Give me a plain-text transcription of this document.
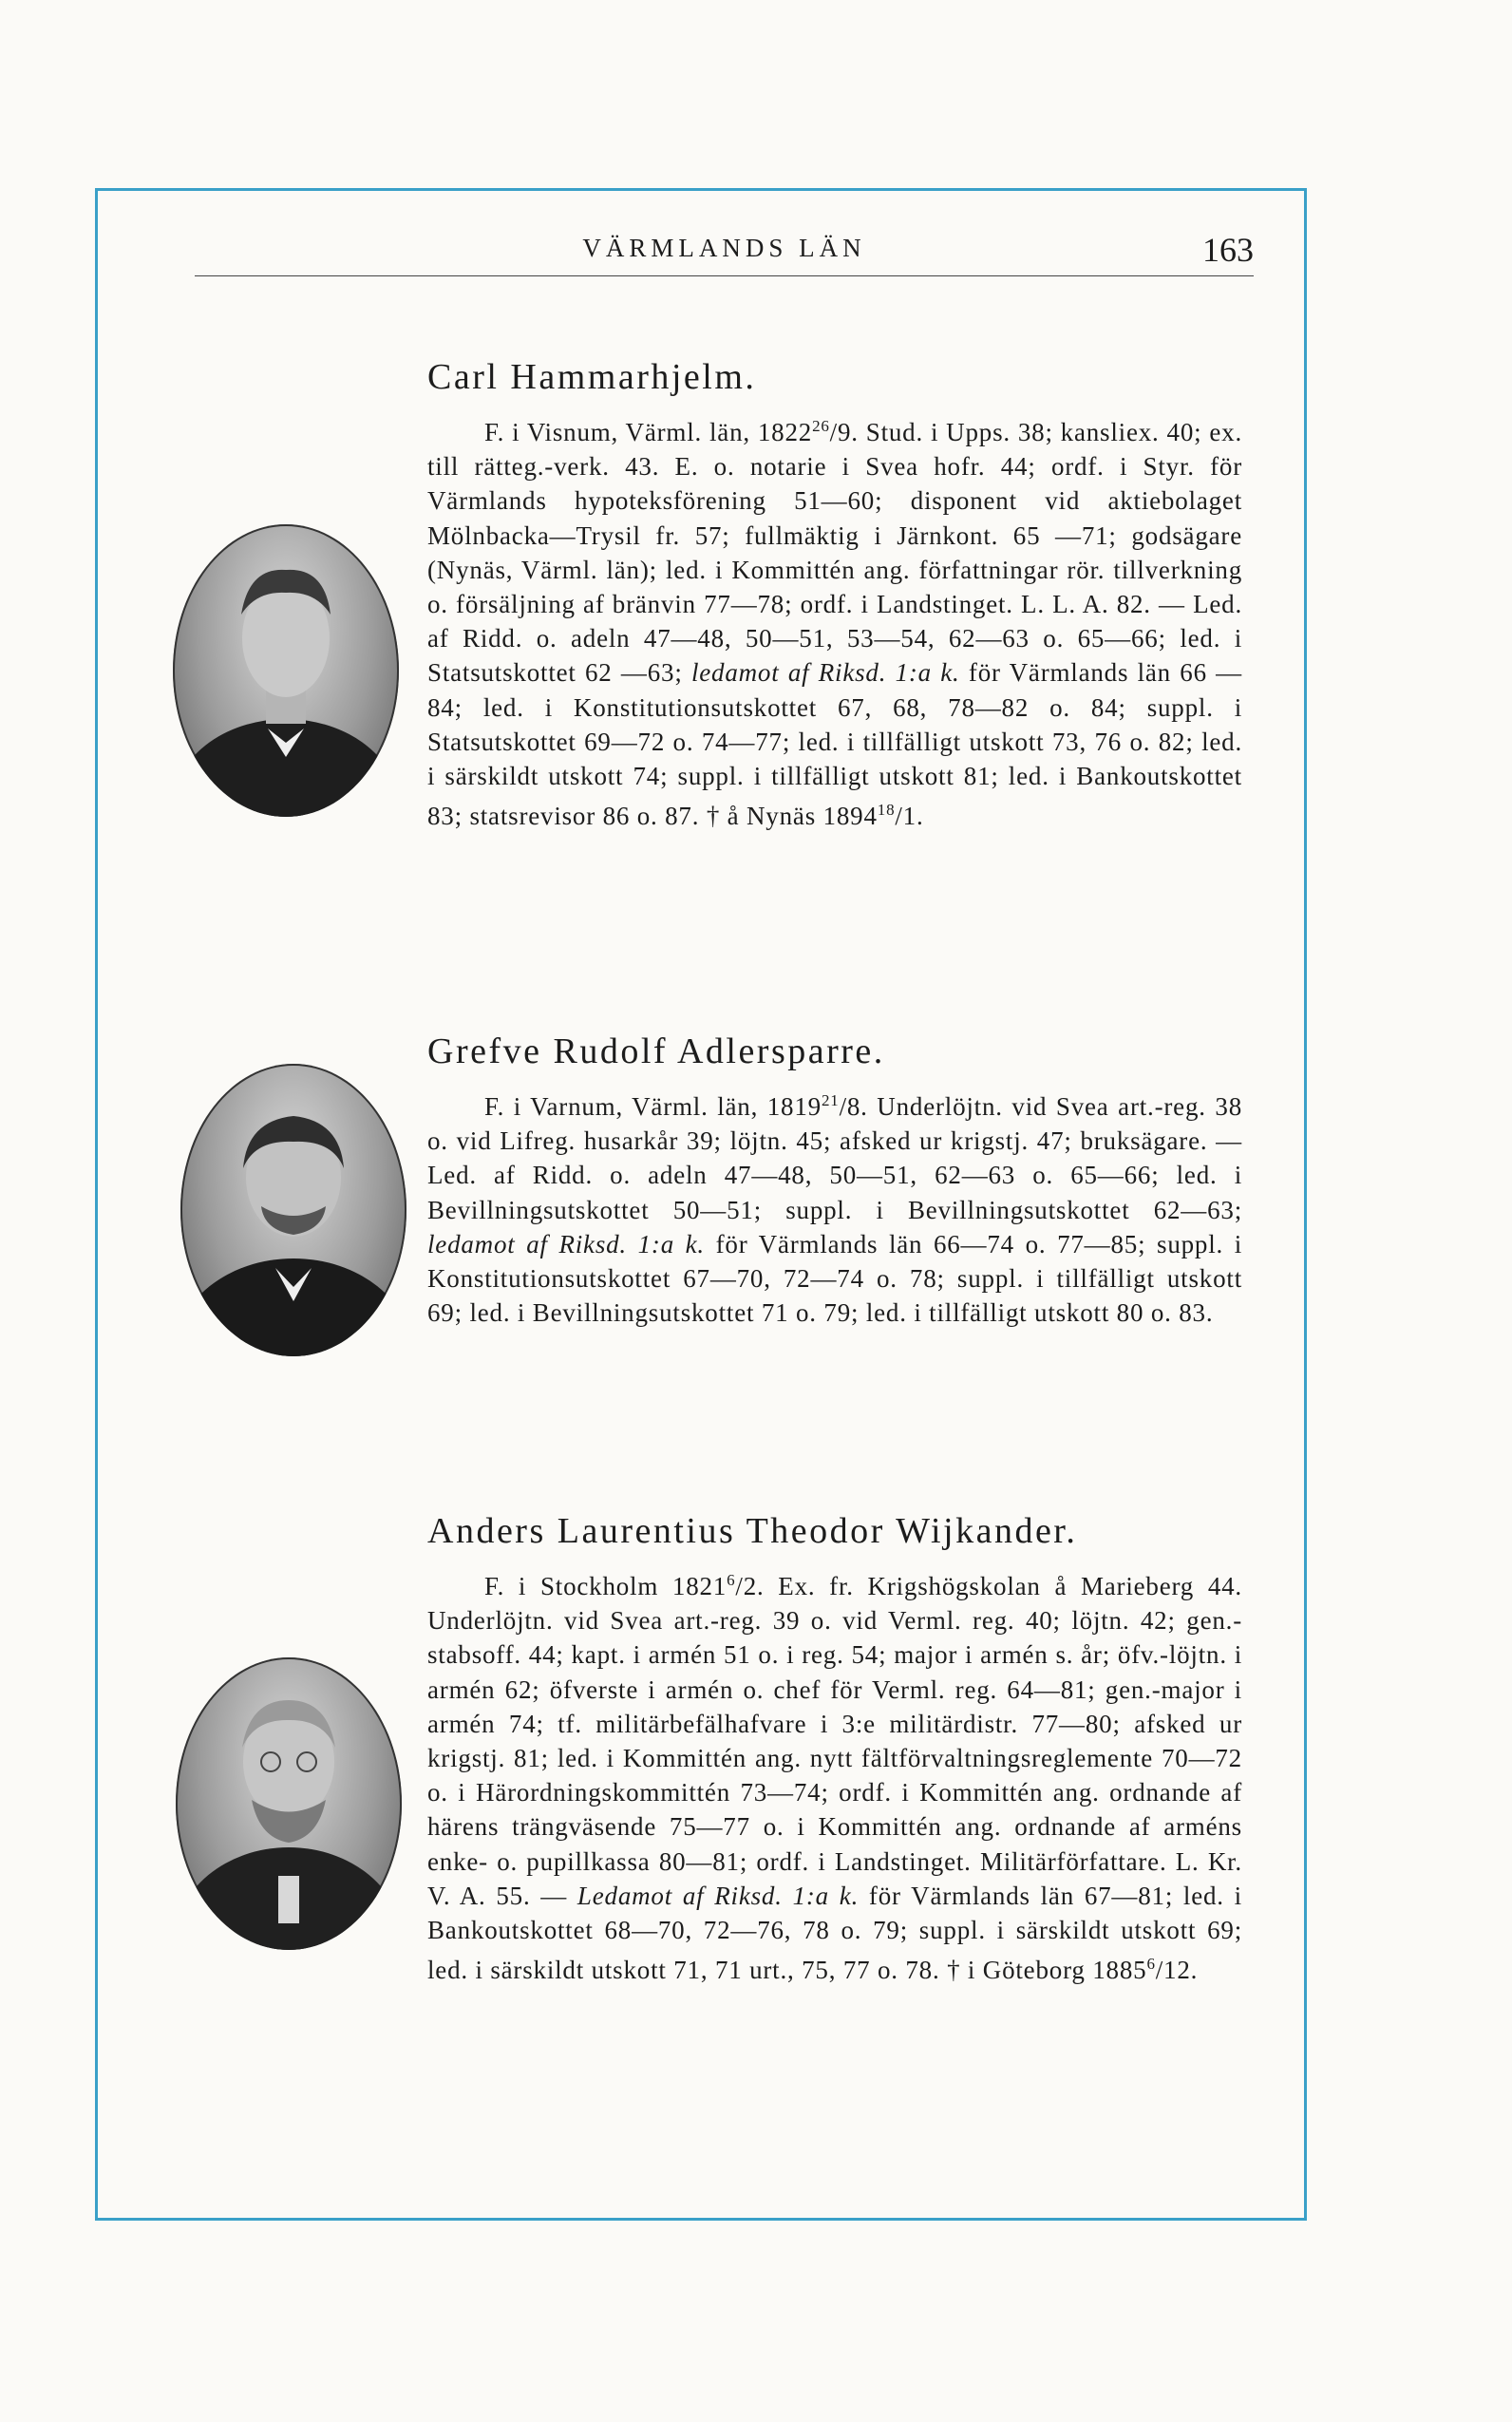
VÄRMLANDS LÄN	163
Carl Hammarhjelm.

F. i Visnum, Värml. län, 1822$^{26}$/9. Stud. i Upps. 38; kansliex. 40; ex. till rätteg.-verk. 43. E. o. notarie i Svea hofr. 44; ordf. i Styr. för Värmlands hypoteksförening 51—60; disponent vid aktiebolaget Mölnbacka—Trysil fr. 57; fullmäktig i Järnkont. 65 —71; godsägare (Nynäs, Värml. län); led. i Kommittén ang. författningar rör. tillverkning o. försäljning af bränvin 77—78; ordf. i Landstinget. L. L. A. 82. — Led. af Ridd. o. adeln 47—48, 50—51, 53—54, 62—63 o. 65—66; led. i Statsutskottet 62 —63; ledamot af Riksd. 1:a k. för Värmlands län 66 —84; led. i Konstitutionsutskottet 67, 68, 78—82 o. 84; suppl. i Statsutskottet 69—72 o. 74—77; led. i tillfälligt utskott 73, 76 o. 82; led. i särskildt utskott 74; suppl. i tillfälligt utskott 81; led. i Bankoutskottet 83; statsrevisor 86 o. 87. † å Nynäs 1894$^{18}$/1.

Grefve Rudolf Adlersparre.

F. i Varnum, Värml. län, 1819$^{21}$/8. Underlöjtn. vid Svea art.-reg. 38 o. vid Lifreg. husarkår 39; löjtn. 45; afsked ur krigstj. 47; bruksägare. — Led. af Ridd. o. adeln 47—48, 50—51, 62—63 o. 65—66; led. i Bevillningsutskottet 50—51; suppl. i Bevillningsutskottet 62—63; ledamot af Riksd. 1:a k. för Värmlands län 66—74 o. 77—85; suppl. i Konstitutionsutskottet 67—70, 72—74 o. 78; suppl. i tillfälligt utskott 69; led. i Bevillningsutskottet 71 o. 79; led. i tillfälligt utskott 80 o. 83.

Anders Laurentius Theodor Wijkander.

F. i Stockholm 1821$^6$/2. Ex. fr. Krigshögskolan å Marieberg 44. Underlöjtn. vid Svea art.-reg. 39 o. vid Verml. reg. 40; löjtn. 42; gen.-stabsoff. 44; kapt. i armén 51 o. i reg. 54; major i armén s. år; öfv.-löjtn. i armén 62; öfverste i armén o. chef för Verml. reg. 64—81; gen.-major i armén 74; tf. militärbefälhafvare i 3:e militärdistr. 77—80; afsked ur krigstj. 81; led. i Kommittén ang. nytt fältförvaltningsreglemente 70—72 o. i Härordningskommittén 73—74; ordf. i Kommittén ang. ordnande af härens trängväsende 75—77 o. i Kommittén ang. ordnande af arméns enke- o. pupillkassa 80—81; ordf. i Landstinget. Militärförfattare. L. Kr. V. A. 55. — Ledamot af Riksd. 1:a k. för Värmlands län 67—81; led. i Bankoutskottet 68—70, 72—76, 78 o. 79; suppl. i särskildt utskott 69; led. i särskildt utskott 71, 71 urt., 75, 77 o. 78. † i Göteborg 1885$^6$/12.
